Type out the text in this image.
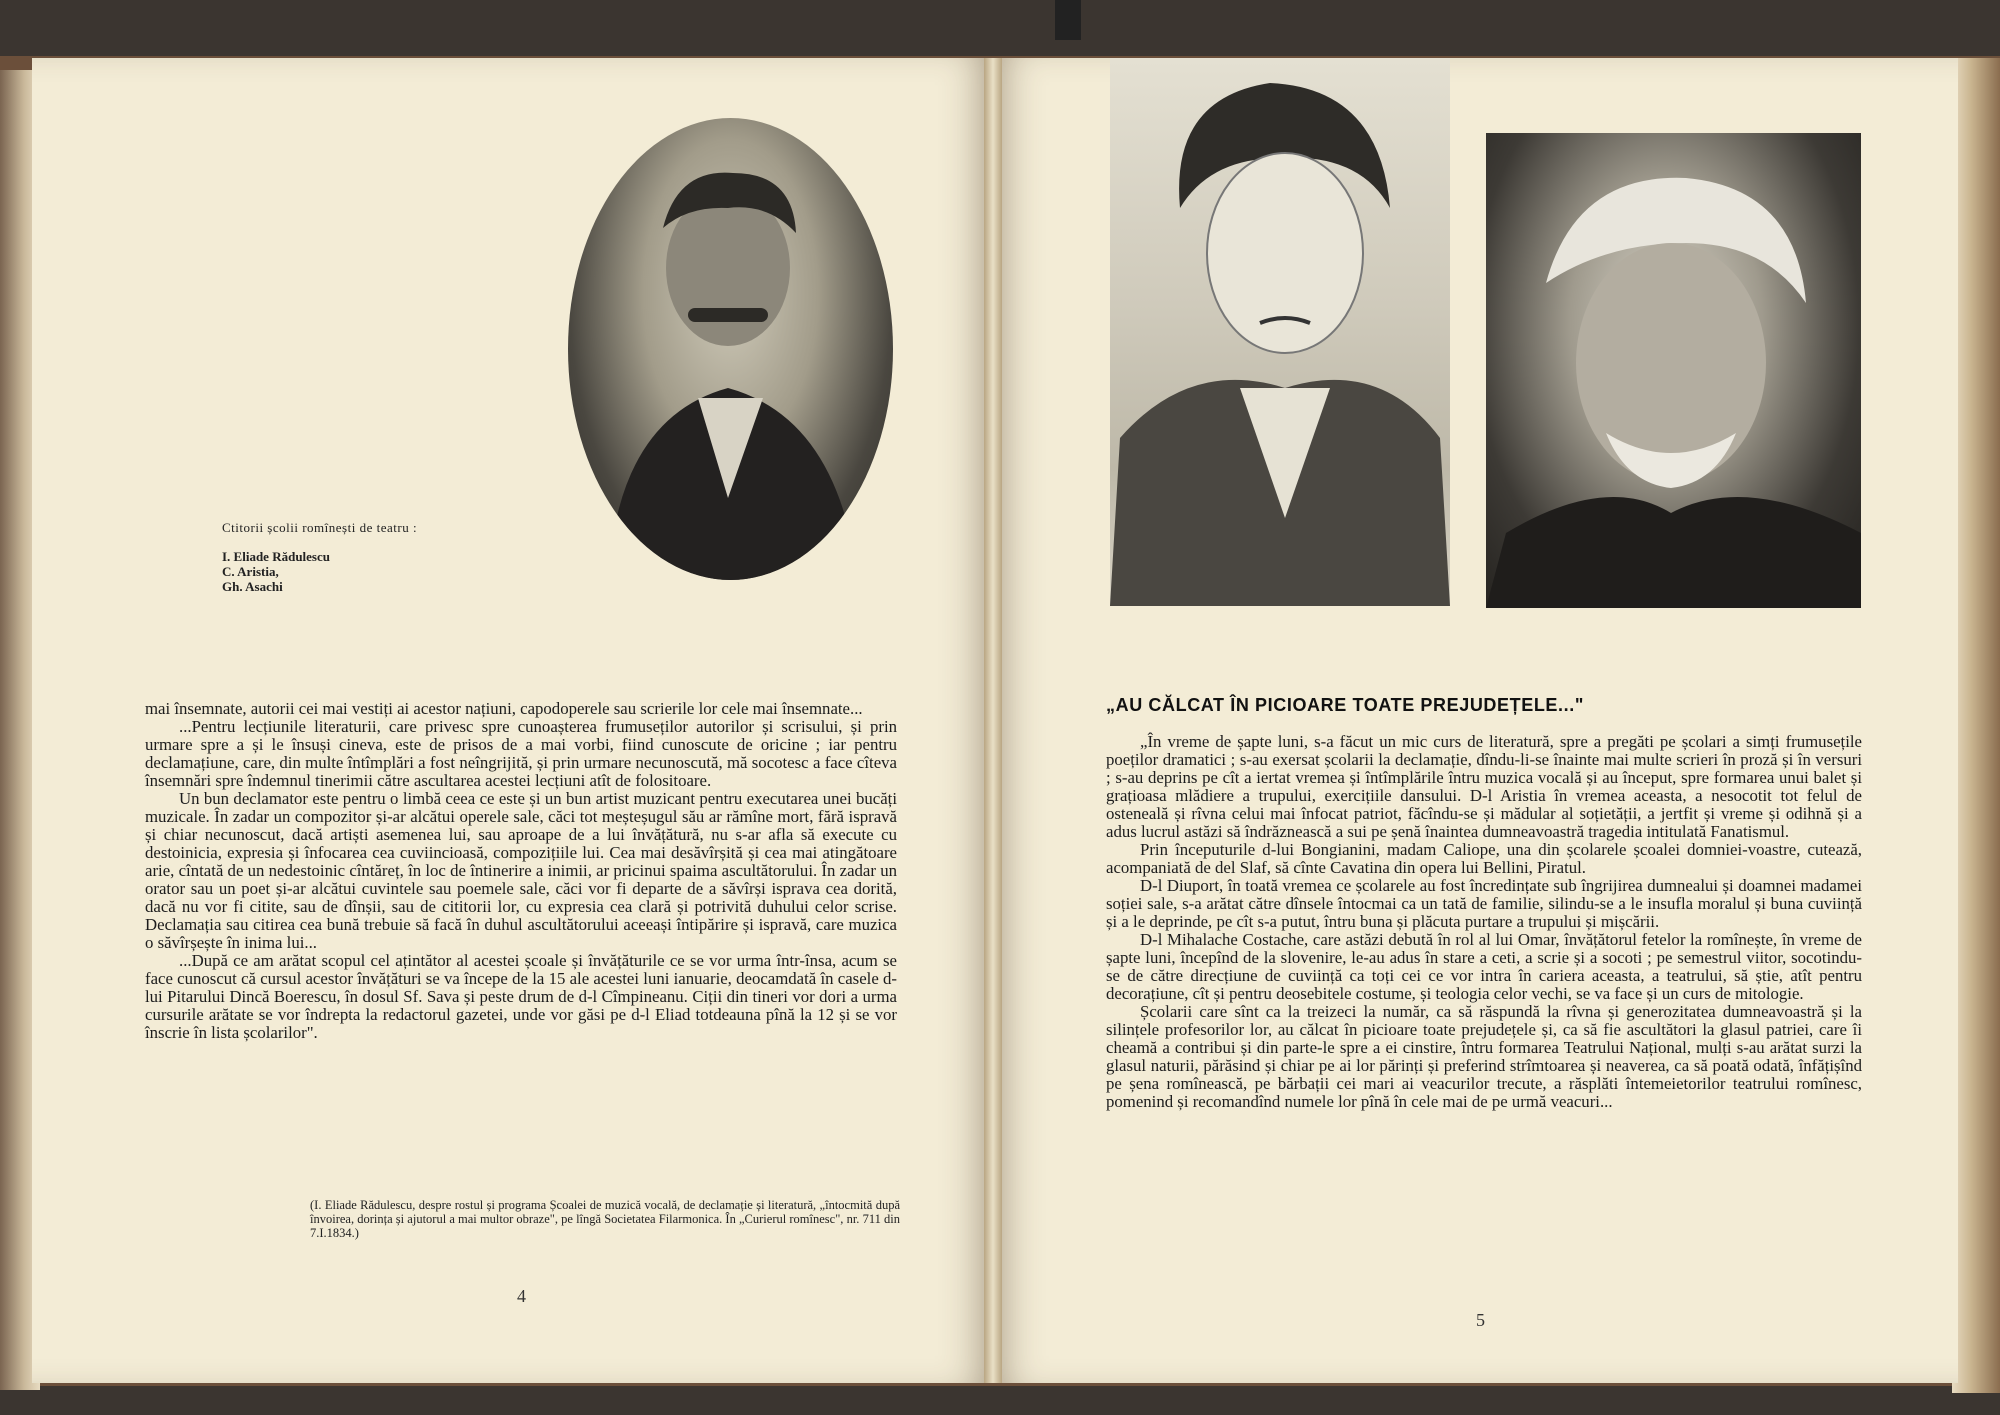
Ctitorii școlii romînești de teatru :
I. Eliade Rădulescu
C. Aristia,
Gh. Asachi

mai însemnate, autorii cei mai vestiți ai acestor națiuni, capodoperele sau scrierile lor cele mai însemnate...

...Pentru lecțiunile literaturii, care privesc spre cunoașterea frumuseților autorilor și scrisului, și prin urmare spre a și le însuși cineva, este de prisos de a mai vorbi, fiind cunoscute de oricine ; iar pentru declamațiune, care, din multe întîmplări a fost neîngrijită, și prin urmare necunoscută, mă socotesc a face cîteva însemnări spre îndemnul tinerimii către ascultarea acestei lecțiuni atît de folositoare.

Un bun declamator este pentru o limbă ceea ce este și un bun artist muzicant pentru executarea unei bucăți muzicale. În zadar un compozitor și-ar alcătui operele sale, căci tot meșteșugul său ar rămîne mort, fără ispravă și chiar necunoscut, dacă artiști asemenea lui, sau aproape de a lui învățătură, nu s-ar afla să execute cu destoinicia, expresia și înfocarea cea cuviincioasă, compozițiile lui. Cea mai desăvîrșită și cea mai atingătoare arie, cîntată de un nedestoinic cîntăreț, în loc de întinerire a inimii, ar pricinui spaima ascultătorului. În zadar un orator sau un poet și-ar alcătui cuvintele sau poemele sale, căci vor fi departe de a săvîrși isprava cea dorită, dacă nu vor fi citite, sau de dînșii, sau de cititorii lor, cu expresia cea clară și potrivită duhului celor scrise. Declamația sau citirea cea bună trebuie să facă în duhul ascultătorului aceeași întipărire și ispravă, care muzica o săvîrșește în inima lui...

...După ce am arătat scopul cel ațintător al acestei școale și învățăturile ce se vor urma într-însa, acum se face cunoscut că cursul acestor învățături se va începe de la 15 ale acestei luni ianuarie, deocamdată în casele d-lui Pitarului Dincă Boerescu, în dosul Sf. Sava și peste drum de d-l Cîmpineanu. Ciții din tineri vor dori a urma cursurile arătate se vor îndrepta la redactorul gazetei, unde vor găsi pe d-l Eliad totdeauna pînă la 12 și se vor înscrie în lista școlarilor".

(I. Eliade Rădulescu, despre rostul și programa Școalei de muzică vocală, de declamație și literatură, „întocmită după învoirea, dorința și ajutorul a mai multor obraze", pe lîngă Societatea Filarmonica. În „Curierul romînesc", nr. 711 din 7.I.1834.)
4
„AU CĂLCAT ÎN PICIOARE TOATE PREJUDEȚELE..."

„În vreme de șapte luni, s-a făcut un mic curs de literatură, spre a pregăti pe școlari a simți frumusețile poeților dramatici ; s-au exersat școlarii la declamație, dîndu-li-se înainte mai multe scrieri în proză și în versuri ; s-au deprins pe cît a iertat vremea și întîmplările întru muzica vocală și au început, spre formarea unui balet și grațioasa mlădiere a trupului, exercițiile dansului. D-l Aristia în vremea aceasta, a nesocotit tot felul de osteneală și rîvna celui mai înfocat patriot, făcîndu-se și mădular al soțietății, a jertfit și vreme și odihnă și a adus lucrul astăzi să îndrăznească a sui pe șenă înaintea dumneavoastră tragedia intitulată Fanatismul.

Prin începuturile d-lui Bongianini, madam Caliope, una din școlarele școalei domniei-voastre, cutează, acompaniată de del Slaf, să cînte Cavatina din opera lui Bellini, Piratul.

D-l Diuport, în toată vremea ce școlarele au fost încredințate sub îngrijirea dumnealui și doamnei madamei soției sale, s-a arătat către dînsele întocmai ca un tată de familie, silindu-se a le insufla moralul și buna cuviință și a le deprinde, pe cît s-a putut, întru buna și plăcuta purtare a trupului și mișcării.

D-l Mihalache Costache, care astăzi debută în rol al lui Omar, învățătorul fetelor la romînește, în vreme de șapte luni, începînd de la slovenire, le-au adus în stare a ceti, a scrie și a socoti ; pe semestrul viitor, socotindu-se de către direcțiune de cuviință ca toți cei ce vor intra în cariera aceasta, a teatrului, să știe, atît pentru decorațiune, cît și pentru deosebitele costume, și teologia celor vechi, se va face și un curs de mitologie.

Școlarii care sînt ca la treizeci la număr, ca să răspundă la rîvna și generozitatea dumneavoastră și la silințele profesorilor lor, au călcat în picioare toate prejudețele și, ca să fie ascultători la glasul patriei, care îi cheamă a contribui și din parte-le spre a ei cinstire, întru formarea Teatrului Național, mulți s-au arătat surzi la glasul naturii, părăsind și chiar pe ai lor părinți și preferind strîmtoarea și neaverea, ca să poată odată, înfățișînd pe șena romînească, pe bărbații cei mari ai veacurilor trecute, a răsplăti întemeietorilor teatrului romînesc, pomenind și recomandînd numele lor pînă în cele mai de pe urmă veacuri...

5
